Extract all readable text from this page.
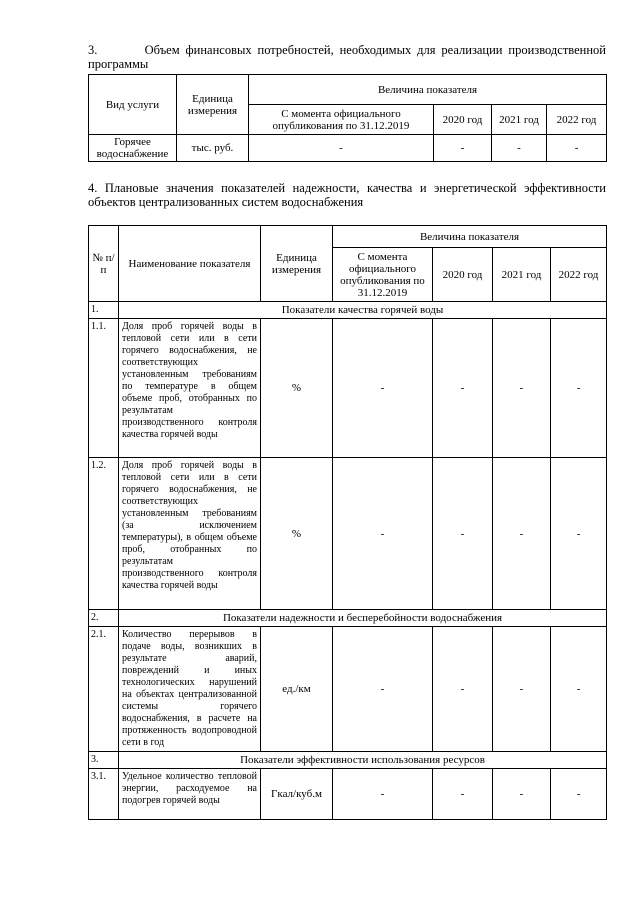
3.        Объем финансовых потребностей, необходимых для реализации производственной программы
Вид услуги	Единица измерения	Величина показателя			
		С момента официального опубликования по 31.12.2019	2020 год	2021 год	2022 год
Горячее водоснабжение	тыс. руб.	-	-	-	-
4. Плановые значения показателей надежности, качества и энергетической эффективности объектов централизованных систем водоснабжения
№ п/п	Наименование показателя	Единица измерения	Величина показателя			
			С момента официального опубликования по 31.12.2019	2020 год	2021 год	2022 год
1.	Показатели качества горячей воды					
1.1.	Доля проб горячей воды в тепловой сети или в сети горячего водоснабжения, не соответствующих установленным требованиям по температуре в общем объеме проб, отобранных по результатам производственного контроля качества горячей воды	%	-	-	-	-
1.2.	Доля проб горячей воды в тепловой сети или в сети горячего водоснабжения, не соответствующих установленным требованиям (за исключением температуры), в общем объеме проб, отобранных по результатам производственного контроля качества горячей воды	%	-	-	-	-
2.	Показатели надежности и бесперебойности водоснабжения					
2.1.	Количество перерывов в подаче воды, возникших в результате аварий, повреждений и иных технологических нарушений на объектах централизованной системы горячего водоснабжения, в расчете на протяженность водопроводной сети в год	ед./км	-	-	-	-
3.	Показатели эффективности использования ресурсов					
3.1.	Удельное количество тепловой энергии, расходуемое на подогрев горячей воды	Гкал/куб.м	-	-	-	-
